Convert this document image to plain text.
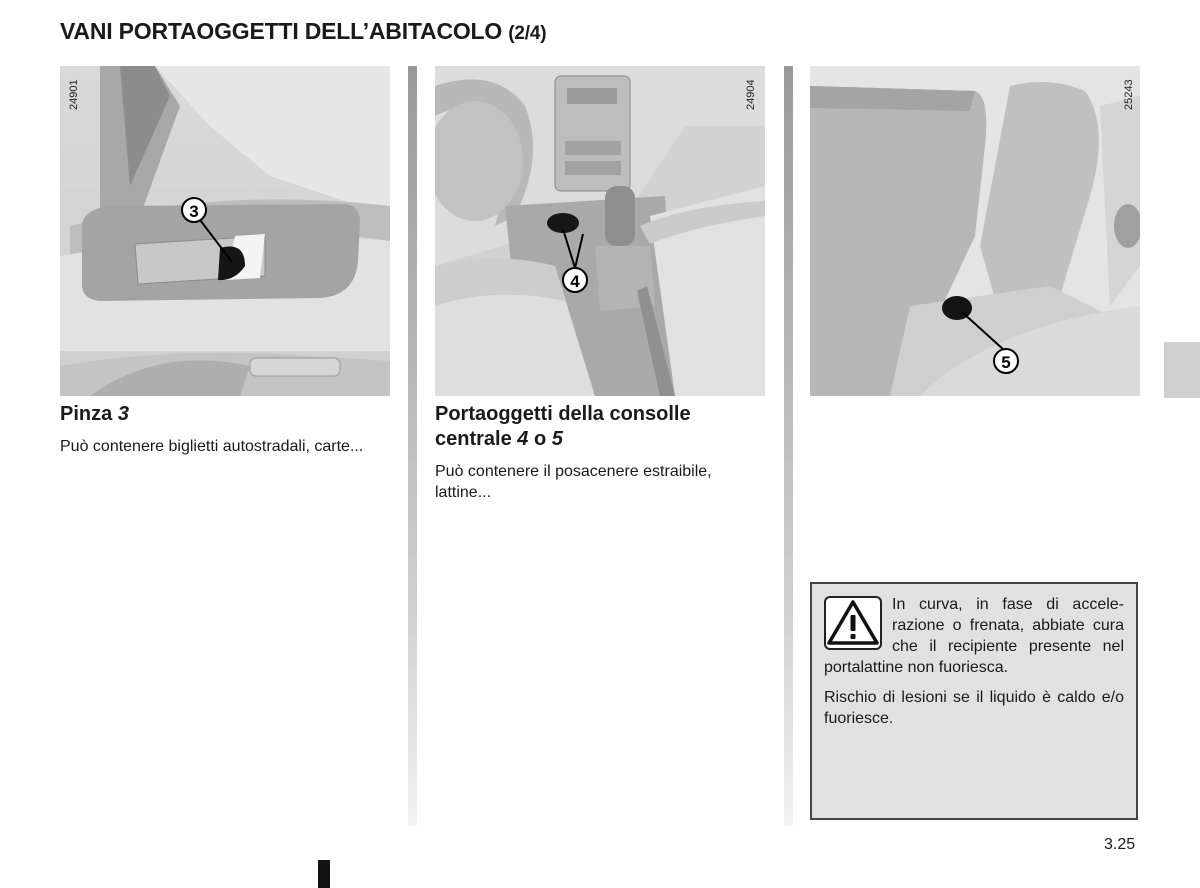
VANI PORTAOGGETTI DELL’ABITACOLO (2/4)
3
24901
4
24904
5
25243
Pinza 3
Può contenere biglietti autostradali, carte...
Portaoggetti della consolle
centrale 4 o 5
Può contenere il posacenere estraibile, lattine...

In curva, in fase di accelerazione o frenata, abbiate cura che il recipiente presente nel portalattine non fuoriesca.

Rischio di lesioni se il liquido è caldo e/o fuoriesce.

3.25
